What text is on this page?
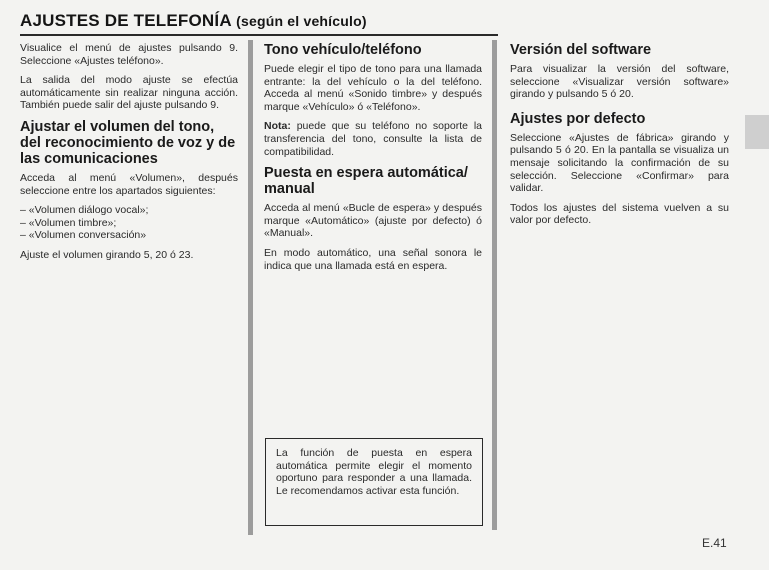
AJUSTES DE TELEFONÍA (según el vehículo)

Visualice el menú de ajustes pulsando 9. Seleccione «Ajustes teléfono».

La salida del modo ajuste se efectúa automáticamente sin realizar ninguna acción. También puede salir del ajuste pulsando 9.

Ajustar el volumen del tono, del reconocimiento de voz y de las comunicaciones

Acceda al menú «Volumen», después seleccione entre los apartados siguientes:

– «Volumen diálogo vocal»;
– «Volumen timbre»;
– «Volumen conversación»

Ajuste el volumen girando 5, 20 ó 23.

Tono vehículo/teléfono

Puede elegir el tipo de tono para una llamada entrante: la del vehículo o la del teléfono. Acceda al menú «Sonido timbre» y después marque «Vehículo» ó «Teléfono».

Nota: puede que su teléfono no soporte la transferencia del tono, consulte la lista de compatibilidad.

Puesta en espera automática/ manual

Acceda al menú «Bucle de espera» y después marque «Automático» (ajuste por defecto) ó «Manual».

En modo automático, una señal sonora le indica que una llamada está en espera.

La función de puesta en espera automática permite elegir el momento oportuno para responder a una llamada. Le recomendamos activar esta función.
Versión del software

Para visualizar la versión del software, seleccione «Visualizar versión software» girando y pulsando 5 ó 20.

Ajustes por defecto

Seleccione «Ajustes de fábrica» girando y pulsando 5 ó 20. En la pantalla se visualiza un mensaje solicitando la confirmación de su selección. Seleccione «Confirmar» para validar.

Todos los ajustes del sistema vuelven a su valor por defecto.

E.41
